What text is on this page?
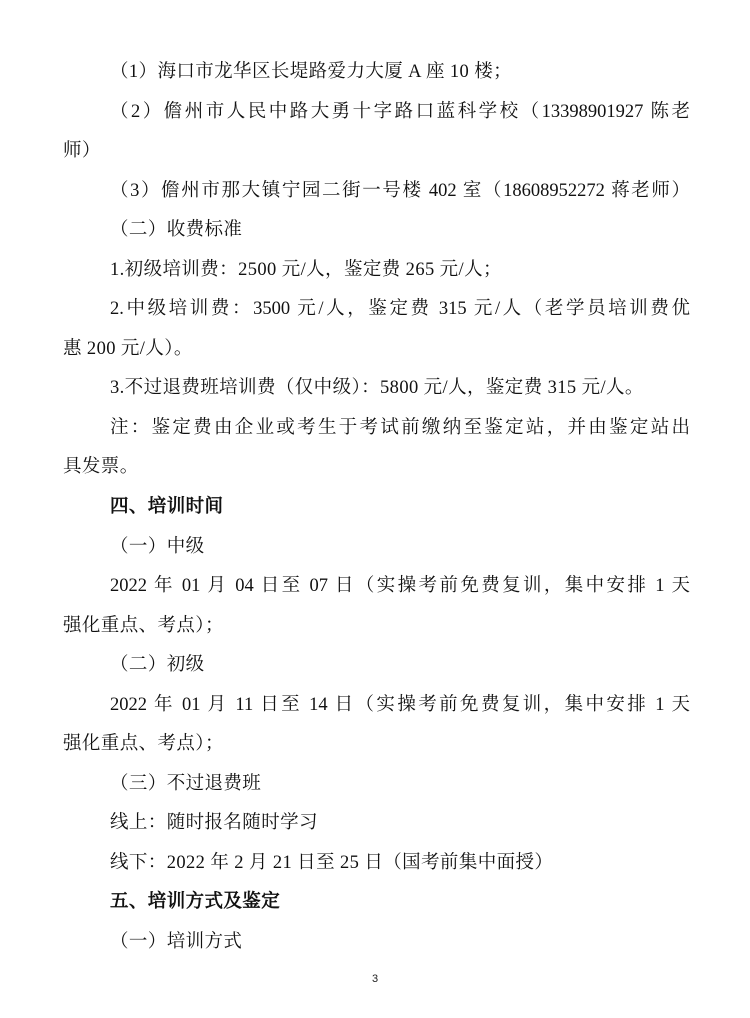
（1）海口市龙华区长堤路爱力大厦 A 座 10 楼；
（2）儋州市人民中路大勇十字路口蓝科学校（13398901927 陈老
师）
（3）儋州市那大镇宁园二街一号楼 402 室（18608952272 蒋老师）
（二）收费标准
1.初级培训费：2500 元/人，鉴定费 265 元/人；
2.中级培训费：3500 元/人，鉴定费 315 元/人（老学员培训费优
惠 200 元/人）。
3.不过退费班培训费（仅中级）：5800 元/人，鉴定费 315 元/人。
注：鉴定费由企业或考生于考试前缴纳至鉴定站，并由鉴定站出
具发票。
四、培训时间
（一）中级
2022 年 01 月 04 日至 07 日（实操考前免费复训，集中安排 1 天
强化重点、考点）；
（二）初级
2022 年 01 月 11 日至 14 日（实操考前免费复训，集中安排 1 天
强化重点、考点）；
（三）不过退费班
线上：随时报名随时学习
线下：2022 年 2 月 21 日至 25 日（国考前集中面授）
五、培训方式及鉴定
（一）培训方式
3
